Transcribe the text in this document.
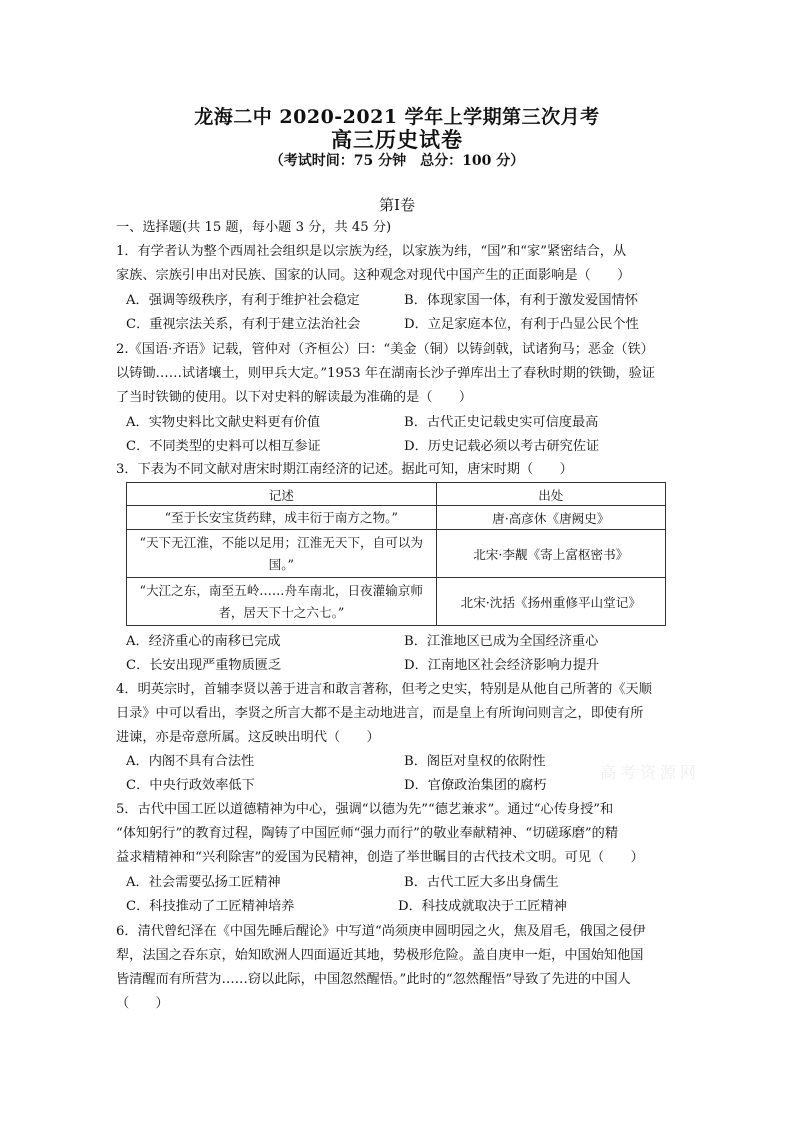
龙海二中 2020-2021 学年上学期第三次月考
高三历史试卷
（考试时间：75 分钟　总分：100 分）
第Ⅰ卷
一、选择题(共 15 题，每小题 3 分，共 45 分)
1．有学者认为整个西周社会组织是以宗族为经，以家族为纬，“国”和“家”紧密结合，从
家族、宗族引申出对民族、国家的认同。这种观念对现代中国产生的正面影响是（　　）
A．强调等级秩序，有利于维护社会稳定	B．体现家国一体，有利于激发爱国情怀
C．重视宗法关系，有利于建立法治社会	D．立足家庭本位，有利于凸显公民个性
2.《国语·齐语》记载，管仲对（齐桓公）曰：“美金（铜）以铸剑戟，试诸狗马；恶金（铁）
以铸锄……试诸壤土，则甲兵大定。”1953 年在湖南长沙子弹库出土了春秋时期的铁锄，验证
了当时铁锄的使用。以下对史料的解读最为准确的是（　　）
A．实物史料比文献史料更有价值	B．古代正史记载史实可信度最高
C．不同类型的史料可以相互参证	D．历史记载必须以考古研究佐证
3．下表为不同文献对唐宋时期江南经济的记述。据此可知，唐宋时期（　　）
记述	出处
“至于长安宝货药肆，成丰衍于南方之物。”	唐·高彦休《唐阙史》
“天下无江淮，不能以足用；江淮无天下，自可以为国。”	北宋·李觏《寄上富枢密书》
“大江之东，南至五岭……舟车南北，日夜灌输京师者，居天下十之六七。”	北宋·沈括《扬州重修平山堂记》
A．经济重心的南移已完成	B．江淮地区已成为全国经济重心
C．长安出现严重物质匮乏	D．江南地区社会经济影响力提升
4．明英宗时，首辅李贤以善于进言和敢言著称，但考之史实，特别是从他自己所著的《天顺
日录》中可以看出，李贤之所言大都不是主动地进言，而是皇上有所询问则言之，即使有所
进谏，亦是帝意所属。这反映出明代（　　）
A．内阁不具有合法性	B．阁臣对皇权的依附性
C．中央行政效率低下	D．官僚政治集团的腐朽
高考资源网
5．古代中国工匠以道德精神为中心，强调“以德为先”“德艺兼求”。通过“心传身授”和
“体知躬行”的教育过程，陶铸了中国匠师“强力而行”的敬业奉献精神、“切磋琢磨”的精
益求精精神和“兴利除害”的爱国为民精神，创造了举世瞩目的古代技术文明。可见（　　）
A．社会需要弘扬工匠精神	B．古代工匠大多出身儒生
C．科技推动了工匠精神培养	D．科技成就取决于工匠精神
6．清代曾纪泽在《中国先睡后醒论》中写道“尚须庚申圆明园之火，焦及眉毛，俄国之侵伊
犁，法国之吞东京，始知欧洲人四面逼近其地，势极形危险。盖自庚申一炬，中国始知他国
皆清醒而有所营为……窃以此际，中国忽然醒悟。”此时的“忽然醒悟”导致了先进的中国人
（　　）
